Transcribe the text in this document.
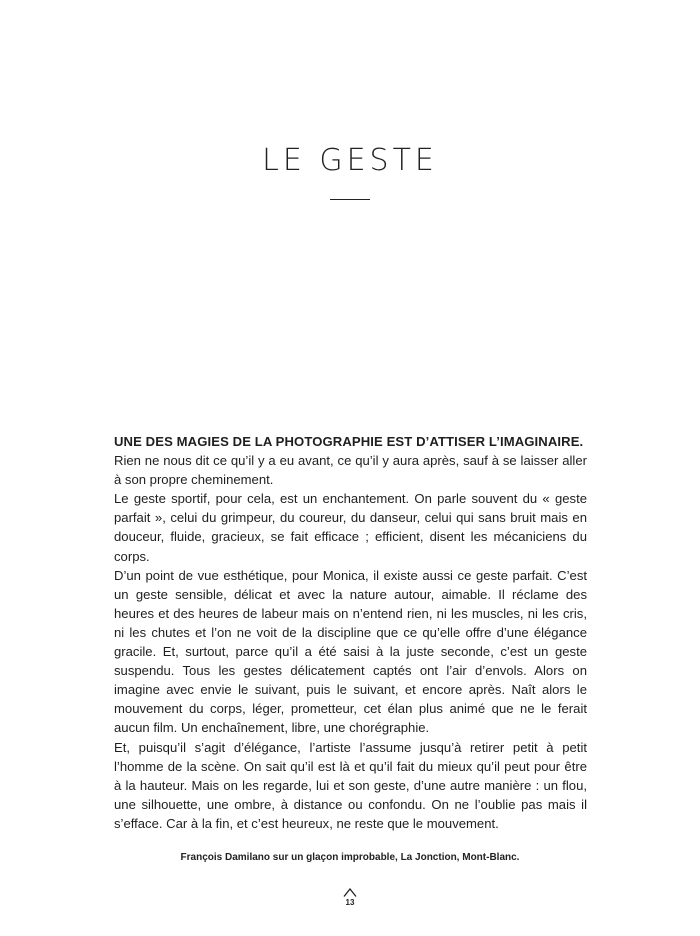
LE GESTE

UNE DES MAGIES DE LA PHOTOGRAPHIE EST D’ATTISER L’IMAGINAIRE.

Rien ne nous dit ce qu’il y a eu avant, ce qu’il y aura après, sauf à se laisser aller à son propre cheminement.

Le geste sportif, pour cela, est un enchantement. On parle souvent du « geste parfait », celui du grimpeur, du coureur, du danseur, celui qui sans bruit mais en douceur, fluide, gracieux, se fait efficace ; efficient, disent les mécaniciens du corps.

D’un point de vue esthétique, pour Monica, il existe aussi ce geste parfait. C’est un geste sensible, délicat et avec la nature autour, aimable. Il réclame des heures et des heures de labeur mais on n’entend rien, ni les muscles, ni les cris, ni les chutes et l’on ne voit de la discipline que ce qu’elle offre d’une élégance gracile. Et, surtout, parce qu’il a été saisi à la juste seconde, c’est un geste suspendu. Tous les gestes délicatement captés ont l’air d’envols. Alors on imagine avec envie le suivant, puis le suivant, et encore après. Naît alors le mouvement du corps, léger, prometteur, cet élan plus animé que ne le ferait aucun film. Un enchaînement, libre, une chorégraphie.

Et, puisqu’il s’agit d’élégance, l’artiste l’assume jusqu’à retirer petit à petit l’homme de la scène. On sait qu’il est là et qu’il fait du mieux qu’il peut pour être à la hauteur. Mais on les regarde, lui et son geste, d’une autre manière : un flou, une silhouette, une ombre, à distance ou confondu. On ne l’oublie pas mais il s’efface. Car à la fin, et c’est heureux, ne reste que le mouvement.

François Damilano sur un glaçon improbable, La Jonction, Mont-Blanc.
13
